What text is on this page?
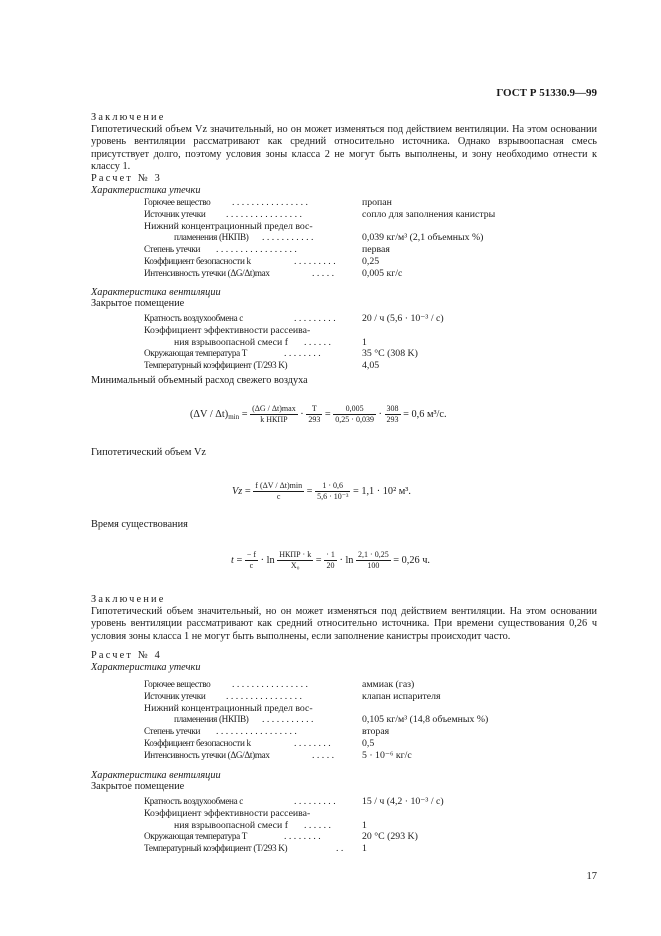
ГОСТ Р 51330.9—99
Заключение

Гипотетический объем Vz значительный, но он может изменяться под действием вентиляции. На этом основании уровень вентиляции рассматривают как средний относительно источника. Однако взрывоопасная смесь присутствует долго, поэтому условия зоны класса 2 не могут быть выполнены, и зону необходимо отнести к классу 1.

Расчет № 3
Характеристика утечки
Горючее вещество . . . . . . . . . . . . . . . .	пропан
Источник утечки . . . . . . . . . . . . . . . .	сопло для заполнения канистры
Нижний концентрационный предел вос-
пламенения (НКПВ) . . . . . . . . . . .	0,039 кг/м³ (2,1 объемных %)
Степень утечки . . . . . . . . . . . . . . . . .	первая
Коэффициент безопасности k	. . . . . . . . .	0,25
Интенсивность утечки (ΔG/Δt)max	. . . . .	0,005 кг/с
Характеристика вентиляции
Закрытое помещение
Кратность воздухообмена c	. . . . . . . . .	20 / ч (5,6 · 10⁻³ / с)
Коэффициент эффективности рассеива-
ния взрывоопасной смеси f . . . . . .	1
Окружающая температура T	. . . . . . . .	35 °C (308 K)
Температурный коэффициент (T/293 K)	4,05
Минимальный объемный расход свежего воздуха
(ΔV / Δt)min =
(ΔG / Δt)max
k НКПР	· $\frac{T}{293} = \frac{0,005}{0,25 \cdot 0,039} \cdot \frac{308}{293} = 0,6$ м³/с.
Гипотетический объем Vz
Vz =
f (ΔV / Δt)min
c	= $\frac{1 \cdot 0,6}{\text{5,6 · 10⁻³}} = 1,1 \cdot 10^2$ м³.
Время существования
$t = \frac{- f}{c} \cdot \ln$
НКПР · k
X₀	= $\frac{\cdot 1}{20} \cdot \ln \frac{2,1 \cdot 0,25}{100} = 0,26$ ч.
Заключение

Гипотетический объем значительный, но он может изменяться под действием вентиляции. На этом основании уровень вентиляции рассматривают как средний относительно источника. При времени существования 0,26 ч условия зоны класса 1 не могут быть выполнены, если заполнение канистры происходит часто.

Расчет № 4
Характеристика утечки
Горючее вещество . . . . . . . . . . . . . . . .	аммиак (газ)
Источник утечки . . . . . . . . . . . . . . . .	клапан испарителя
Нижний концентрационный предел вос-
пламенения (НКПВ) . . . . . . . . . . .	0,105 кг/м³ (14,8 объемных %)
Степень утечки . . . . . . . . . . . . . . . . .	вторая
Коэффициент безопасности k	. . . . . . . .	0,5
Интенсивность утечки (ΔG/Δt)max	. . . . .	5 · 10⁻⁶ кг/с
Характеристика вентиляции
Закрытое помещение
Кратность воздухообмена c	. . . . . . . . .	15 / ч (4,2 · 10⁻³ / с)
Коэффициент эффективности рассеива-
ния взрывоопасной смеси f . . . . . .	1
Окружающая температура T	. . . . . . . .	20 °C (293 K)
Температурный коэффициент (T/293 K)	. . 1
17
